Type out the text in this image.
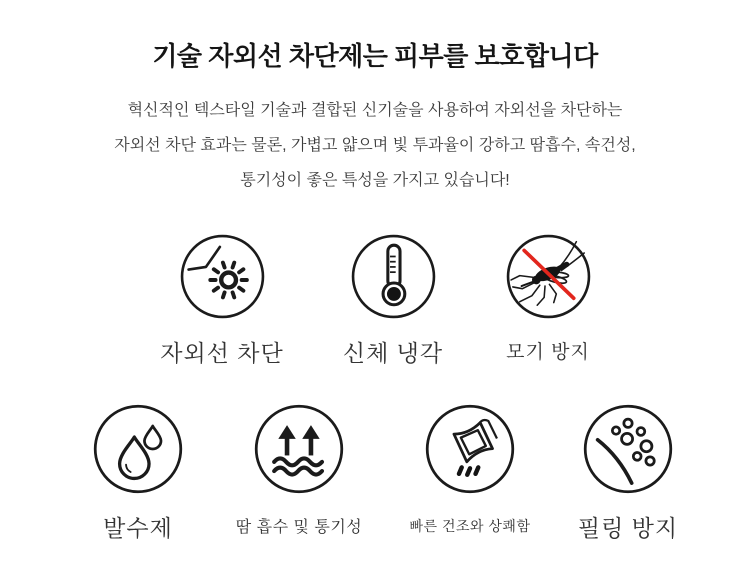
기술 자외선 차단제는 피부를 보호합니다
혁신적인 텍스타일 기술과 결합된 신기술을 사용하여 자외선을 차단하는
자외선 차단 효과는 물론, 가볍고 얇으며 빛 투과율이 강하고 땀흡수, 속건성,
통기성이 좋은 특성을 가지고 있습니다!
자외선 차단	신체 냉각	모기 방지
발수제	땀 흡수 및 통기성	빠른 건조와 상쾌함 필링 방지
